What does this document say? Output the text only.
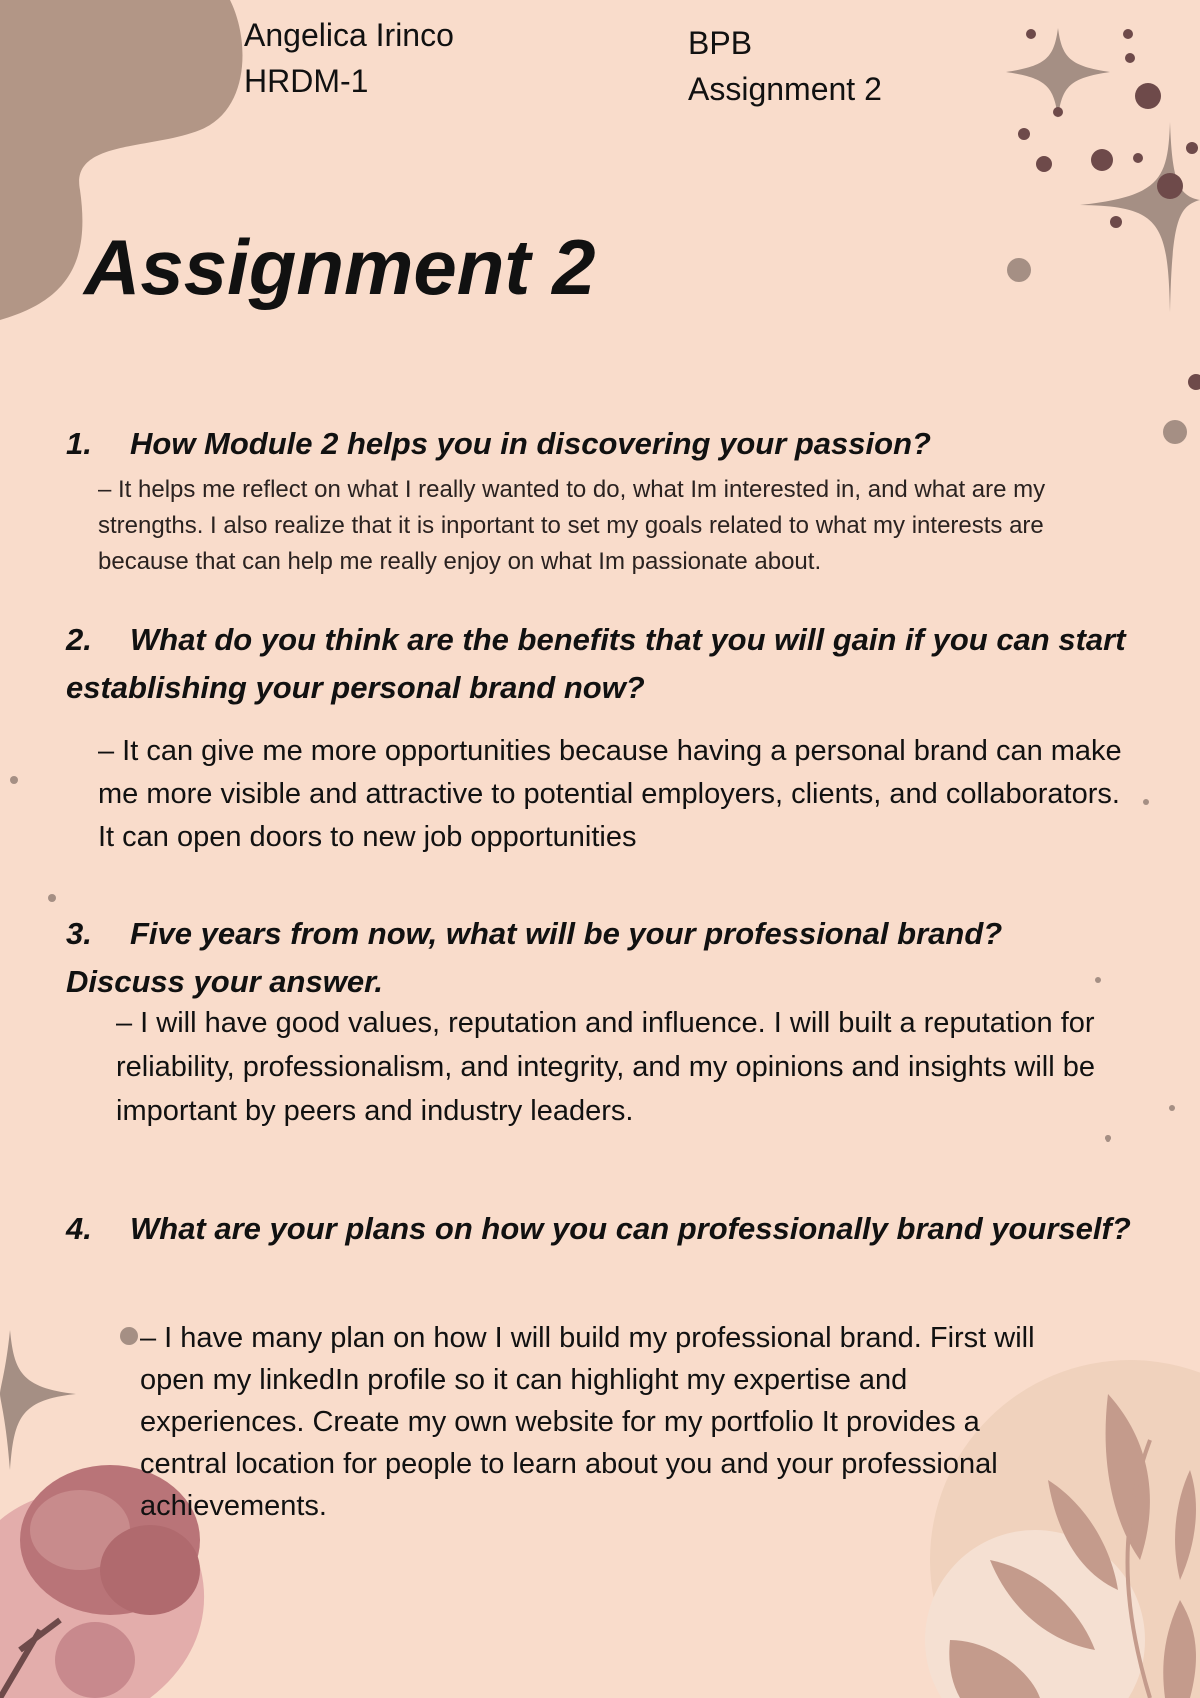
Angelica Irinco
HRDM-1
BPB
Assignment 2
Assignment 2

1. How Module 2 helps you in discovering your passion?

– It helps me reflect on what I really wanted to do, what Im interested in, and what are my strengths. I also realize that it is inportant to set my goals related to what my interests are because that can help me really enjoy on what Im passionate about.

2. What do you think are the benefits that you will gain if you can start establishing your personal brand now?

– It can give me more opportunities because having a personal brand can make me more visible and attractive to potential employers, clients, and collaborators. It can open doors to new job opportunities

3. Five years from now, what will be your professional brand? Discuss your answer.

– I will have good values, reputation and influence. I will built a reputation for reliability, professionalism, and integrity, and my opinions and insights will be important by peers and industry leaders.

4. What are your plans on how you can professionally brand yourself?

– I have many plan on how I will build my professional brand. First will open my linkedIn profile so it can highlight my expertise and experiences. Create my own website for my portfolio It provides a central location for people to learn about you and your professional achievements.
